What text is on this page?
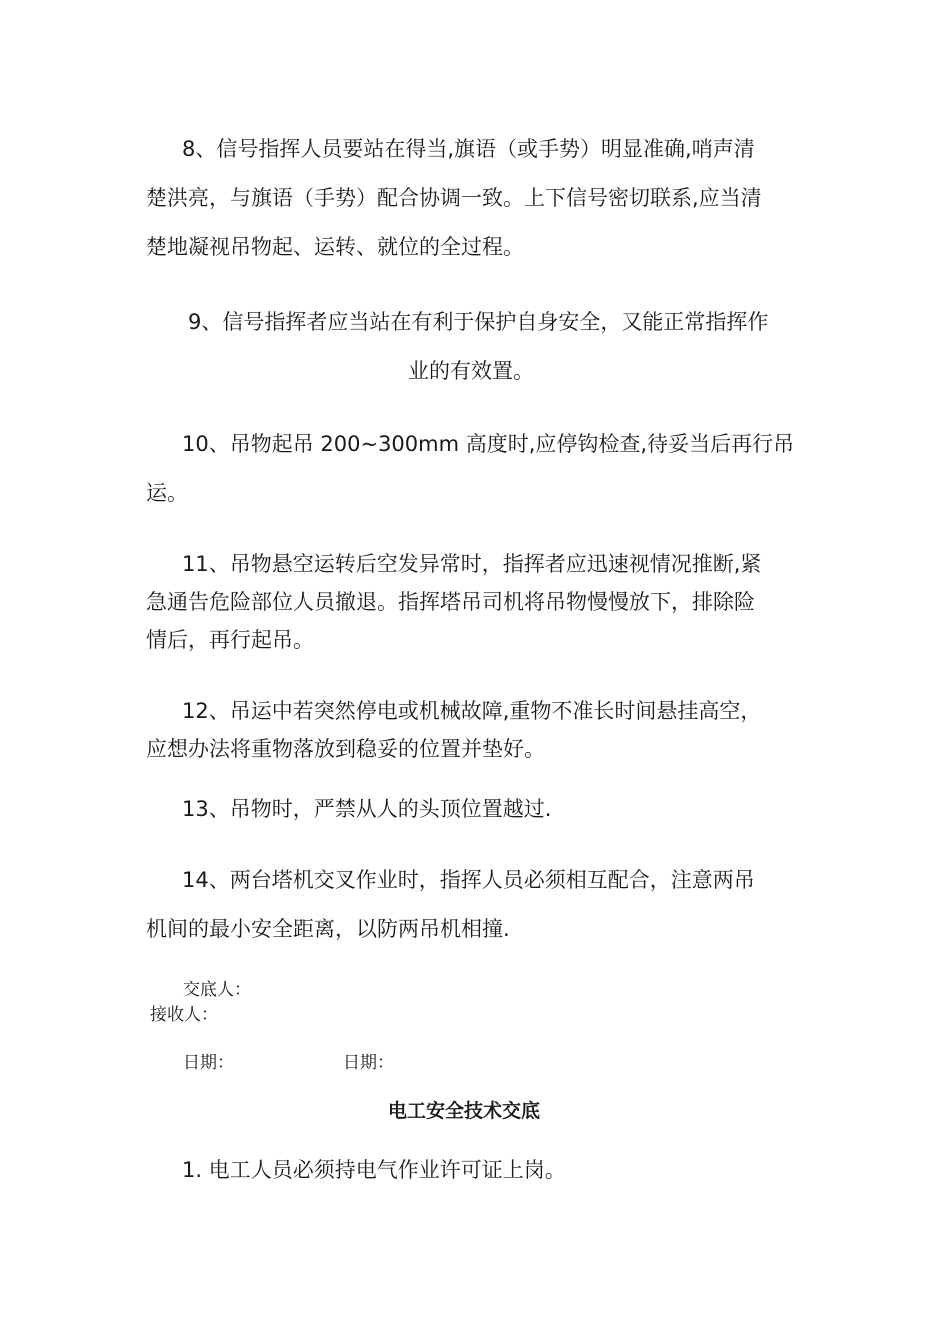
8、信号指挥人员要站在得当,旗语（或手势）明显准确,哨声清
楚洪亮，与旗语（手势）配合协调一致。上下信号密切联系,应当清
楚地凝视吊物起、运转、就位的全过程。
9、信号指挥者应当站在有利于保护自身安全，又能正常指挥作
业的有效置。
10、吊物起吊 200~300mm 高度时,应停钩检查,待妥当后再行吊
运。
11、吊物悬空运转后空发异常时，指挥者应迅速视情况推断,紧
急通告危险部位人员撤退。指挥塔吊司机将吊物慢慢放下，排除险
情后，再行起吊。
12、吊运中若突然停电或机械故障,重物不准长时间悬挂高空，
应想办法将重物落放到稳妥的位置并垫好。
13、吊物时，严禁从人的头顶位置越过.
14、两台塔机交叉作业时，指挥人员必须相互配合，注意两吊
机间的最小安全距离，以防两吊机相撞.
交底人：
接收人：
日期：	日期：
电工安全技术交底
1. 电工人员必须持电气作业许可证上岗。
